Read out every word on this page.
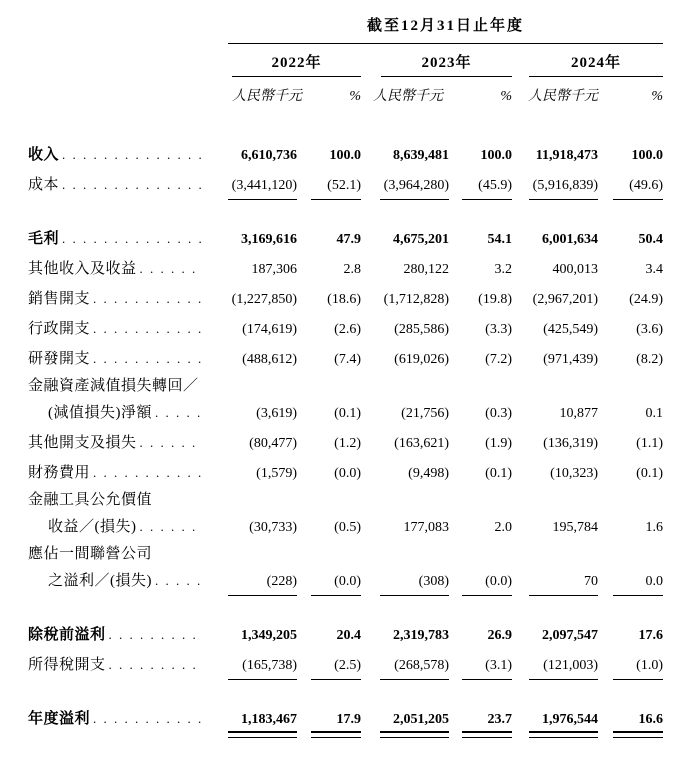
	截至12月31日止年度					

	2022年		2023年		2024年	

	人民幣千元 %		人民幣千元 %		人民幣千元 %	

收入
. . .	6,610,736	100.0	8,639,481	100.0	11,918,473	100.0

成本
. . .	(3,441,120)	(52.1)	(3,964,280)	(45.9)	(5,916,839)	(49.6)

毛利
. . .	3,169,616	47.9	4,675,201	54.1	6,001,634	50.4

其他收入及收益
. . .	187,306	2.8	280,122	3.2	400,013	3.4

銷售開支
. . .	(1,227,850)	(18.6)	(1,712,828)	(19.8)	(2,967,201)	(24.9)

行政開支
. . .	(174,619)	(2.6)	(285,586)	(3.3)	(425,549)	(3.6)

研發開支
. . .	(488,612)	(7.4)	(619,026)	(7.2)	(971,439)	(8.2)

金融資產減值損失轉回／						

(減值損失)淨額
. . .	(3,619)	(0.1)	(21,756)	(0.3)	10,877	0.1

其他開支及損失
. . .	(80,477)	(1.2)	(163,621)	(1.9)	(136,319)	(1.1)

財務費用
. . .	(1,579)	(0.0)	(9,498)	(0.1)	(10,323)	(0.1)

金融工具公允價值						

收益／(損失)
. . .	(30,733)	(0.5)	177,083	2.0	195,784	1.6

應佔一間聯營公司						

之溢利／(損失)
. . .	(228)	(0.0)	(308)	(0.0)	70	0.0

除稅前溢利
. . .	1,349,205	20.4	2,319,783	26.9	2,097,547	17.6

所得稅開支
. . .	(165,738)	(2.5)	(268,578)	(3.1)	(121,003)	(1.0)

年度溢利
. . .	1,183,467	17.9	2,051,205	23.7	1,976,544	16.6
